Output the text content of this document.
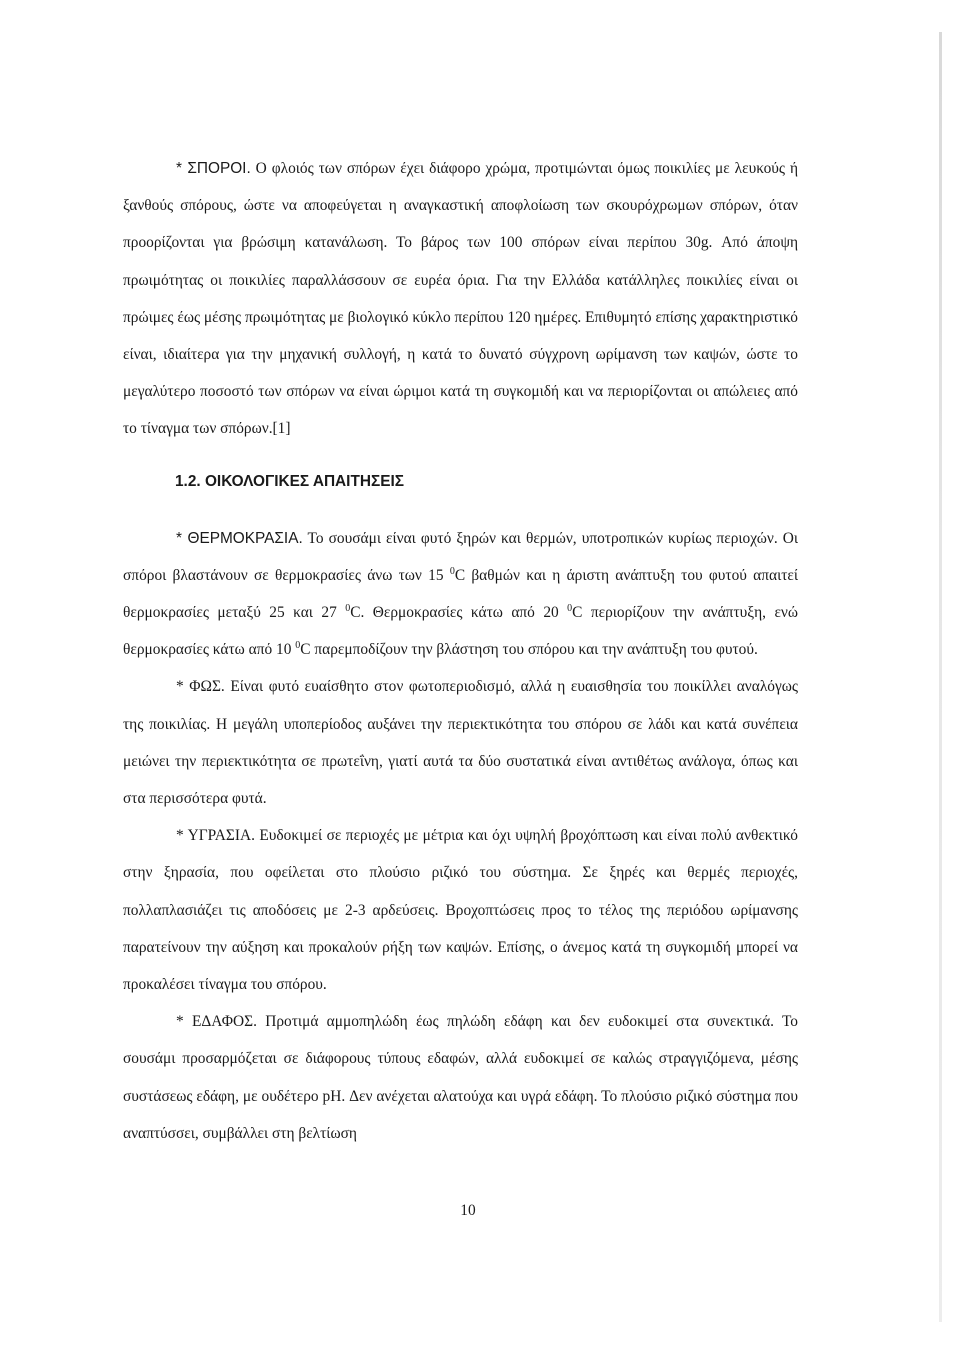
* ΣΠΟΡΟΙ. Ο φλοιός των σπόρων έχει διάφορο χρώμα, προτιμώνται όμως ποικιλίες με λευκούς ή ξανθούς σπόρους, ώστε να αποφεύγεται η αναγκαστική αποφλοίωση των σκουρόχρωμων σπόρων, όταν προορίζονται για βρώσιμη κατανάλωση. Το βάρος των 100 σπόρων είναι περίπου 30g. Από άποψη πρωιμότητας οι ποικιλίες παραλλάσσουν σε ευρέα όρια. Για την Ελλάδα κατάλληλες ποικιλίες είναι οι πρώιμες έως μέσης πρωιμότητας με βιολογικό κύκλο περίπου 120 ημέρες. Επιθυμητό επίσης χαρακτηριστικό είναι, ιδιαίτερα για την μηχανική συλλογή, η κατά το δυνατό σύγχρονη ωρίμανση των καψών, ώστε το μεγαλύτερο ποσοστό των σπόρων να είναι ώριμοι κατά τη συγκομιδή και να περιορίζονται οι απώλειες από το τίναγμα των σπόρων.[1]

1.2. ΟΙΚΟΛΟΓΙΚΕΣ ΑΠΑΙΤΗΣΕΙΣ

* ΘΕΡΜΟΚΡΑΣΙΑ. Το σουσάμι είναι φυτό ξηρών και θερμών, υποτροπικών κυρίως περιοχών. Οι σπόροι βλαστάνουν σε θερμοκρασίες άνω των 15 $^0$C βαθμών και η άριστη ανάπτυξη του φυτού απαιτεί θερμοκρασίες μεταξύ 25 και 27 $^0$C. Θερμοκρασίες κάτω από 20 $^0$C περιορίζουν την ανάπτυξη, ενώ θερμοκρασίες κάτω από 10 $^0$C παρεμποδίζουν την βλάστηση του σπόρου και την ανάπτυξη του φυτού.

* ΦΩΣ. Είναι φυτό ευαίσθητο στον φωτοπεριοδισμό, αλλά η ευαισθησία του ποικίλλει αναλόγως της ποικιλίας. Η μεγάλη υποπερίοδος αυξάνει την περιεκτικότητα του σπόρου σε λάδι και κατά συνέπεια μειώνει την περιεκτικότητα σε πρωτεΐνη, γιατί αυτά τα δύο συστατικά είναι αντιθέτως ανάλογα, όπως και στα περισσότερα φυτά.

* ΥΓΡΑΣΙΑ. Ευδοκιμεί σε περιοχές με μέτρια και όχι υψηλή βροχόπτωση και είναι πολύ ανθεκτικό στην ξηρασία, που οφείλεται στο πλούσιο ριζικό του σύστημα. Σε ξηρές και θερμές περιοχές, πολλαπλασιάζει τις αποδόσεις με 2-3 αρδεύσεις. Βροχοπτώσεις προς το τέλος της περιόδου ωρίμανσης παρατείνουν την αύξηση και προκαλούν ρήξη των καψών. Επίσης, ο άνεμος κατά τη συγκομιδή μπορεί να προκαλέσει τίναγμα του σπόρου.

* ΕΔΑΦΟΣ. Προτιμά αμμοπηλώδη έως πηλώδη εδάφη και δεν ευδοκιμεί στα συνεκτικά. Το σουσάμι προσαρμόζεται σε διάφορους τύπους εδαφών, αλλά ευδοκιμεί σε καλώς στραγγιζόμενα, μέσης συστάσεως εδάφη, με ουδέτερο pH. Δεν ανέχεται αλατούχα και υγρά εδάφη. Το πλούσιο ριζικό σύστημα που αναπτύσσει, συμβάλλει στη βελτίωση

10
